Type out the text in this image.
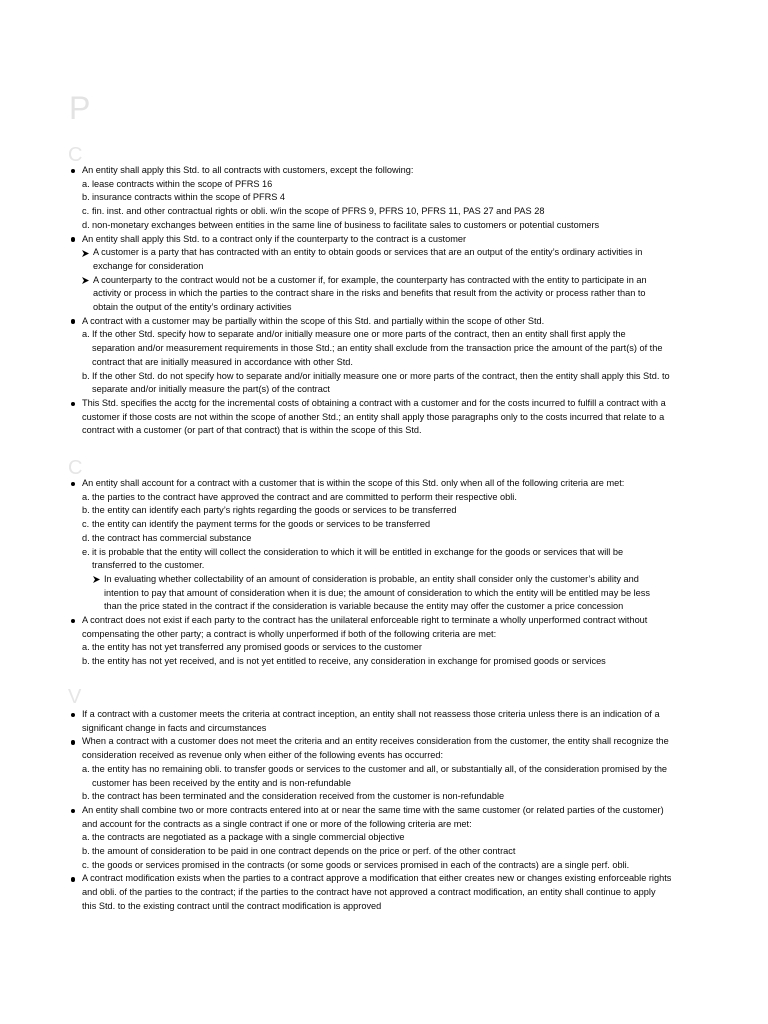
P
C
An entity shall apply this Std. to all contracts with customers, except the following:
a. lease contracts within the scope of PFRS 16
b. insurance contracts within the scope of PFRS 4
c. fin. inst. and other contractual rights or obli. w/in the scope of PFRS 9, PFRS 10, PFRS 11, PAS 27 and PAS 28
d. non-monetary exchanges between entities in the same line of business to facilitate sales to customers or potential customers
An entity shall apply this Std. to a contract only if the counterparty to the contract is a customer
A customer is a party that has contracted with an entity to obtain goods or services that are an output of the entity’s ordinary activities in
exchange for consideration
A counterparty to the contract would not be a customer if, for example, the counterparty has contracted with the entity to participate in an
activity or process in which the parties to the contract share in the risks and benefits that result from the activity or process rather than to
obtain the output of the entity’s ordinary activities
A contract with a customer may be partially within the scope of this Std. and partially within the scope of other Std.
a. If the other Std. specify how to separate and/or initially measure one or more parts of the contract, then an entity shall first apply the
separation and/or measurement requirements in those Std.; an entity shall exclude from the transaction price the amount of the part(s) of the
contract that are initially measured in accordance with other Std.
b. If the other Std. do not specify how to separate and/or initially measure one or more parts of the contract, then the entity shall apply this Std. to
separate and/or initially measure the part(s) of the contract
This Std. specifies the acctg for the incremental costs of obtaining a contract with a customer and for the costs incurred to fulfill a contract with a
customer if those costs are not within the scope of another Std.; an entity shall apply those paragraphs only to the costs incurred that relate to a
contract with a customer (or part of that contract) that is within the scope of this Std.
C
An entity shall account for a contract with a customer that is within the scope of this Std. only when all of the following criteria are met:
a. the parties to the contract have approved the contract and are committed to perform their respective obli.
b. the entity can identify each party’s rights regarding the goods or services to be transferred
c. the entity can identify the payment terms for the goods or services to be transferred
d. the contract has commercial substance
e. it is probable that the entity will collect the consideration to which it will be entitled in exchange for the goods or services that will be
transferred to the customer.
In evaluating whether collectability of an amount of consideration is probable, an entity shall consider only the customer’s ability and
intention to pay that amount of consideration when it is due; the amount of consideration to which the entity will be entitled may be less
than the price stated in the contract if the consideration is variable because the entity may offer the customer a price concession
A contract does not exist if each party to the contract has the unilateral enforceable right to terminate a wholly unperformed contract without
compensating the other party; a contract is wholly unperformed if both of the following criteria are met:
a. the entity has not yet transferred any promised goods or services to the customer
b. the entity has not yet received, and is not yet entitled to receive, any consideration in exchange for promised goods or services
V
If a contract with a customer meets the criteria at contract inception, an entity shall not reassess those criteria unless there is an indication of a
significant change in facts and circumstances
When a contract with a customer does not meet the criteria and an entity receives consideration from the customer, the entity shall recognize the
consideration received as revenue only when either of the following events has occurred:
a. the entity has no remaining obli. to transfer goods or services to the customer and all, or substantially all, of the consideration promised by the
customer has been received by the entity and is non-refundable
b. the contract has been terminated and the consideration received from the customer is non-refundable
An entity shall combine two or more contracts entered into at or near the same time with the same customer (or related parties of the customer)
and account for the contracts as a single contract if one or more of the following criteria are met:
a. the contracts are negotiated as a package with a single commercial objective
b. the amount of consideration to be paid in one contract depends on the price or perf. of the other contract
c. the goods or services promised in the contracts (or some goods or services promised in each of the contracts) are a single perf. obli.
A contract modification exists when the parties to a contract approve a modification that either creates new or changes existing enforceable rights
and obli. of the parties to the contract; if the parties to the contract have not approved a contract modification, an entity shall continue to apply
this Std. to the existing contract until the contract modification is approved
